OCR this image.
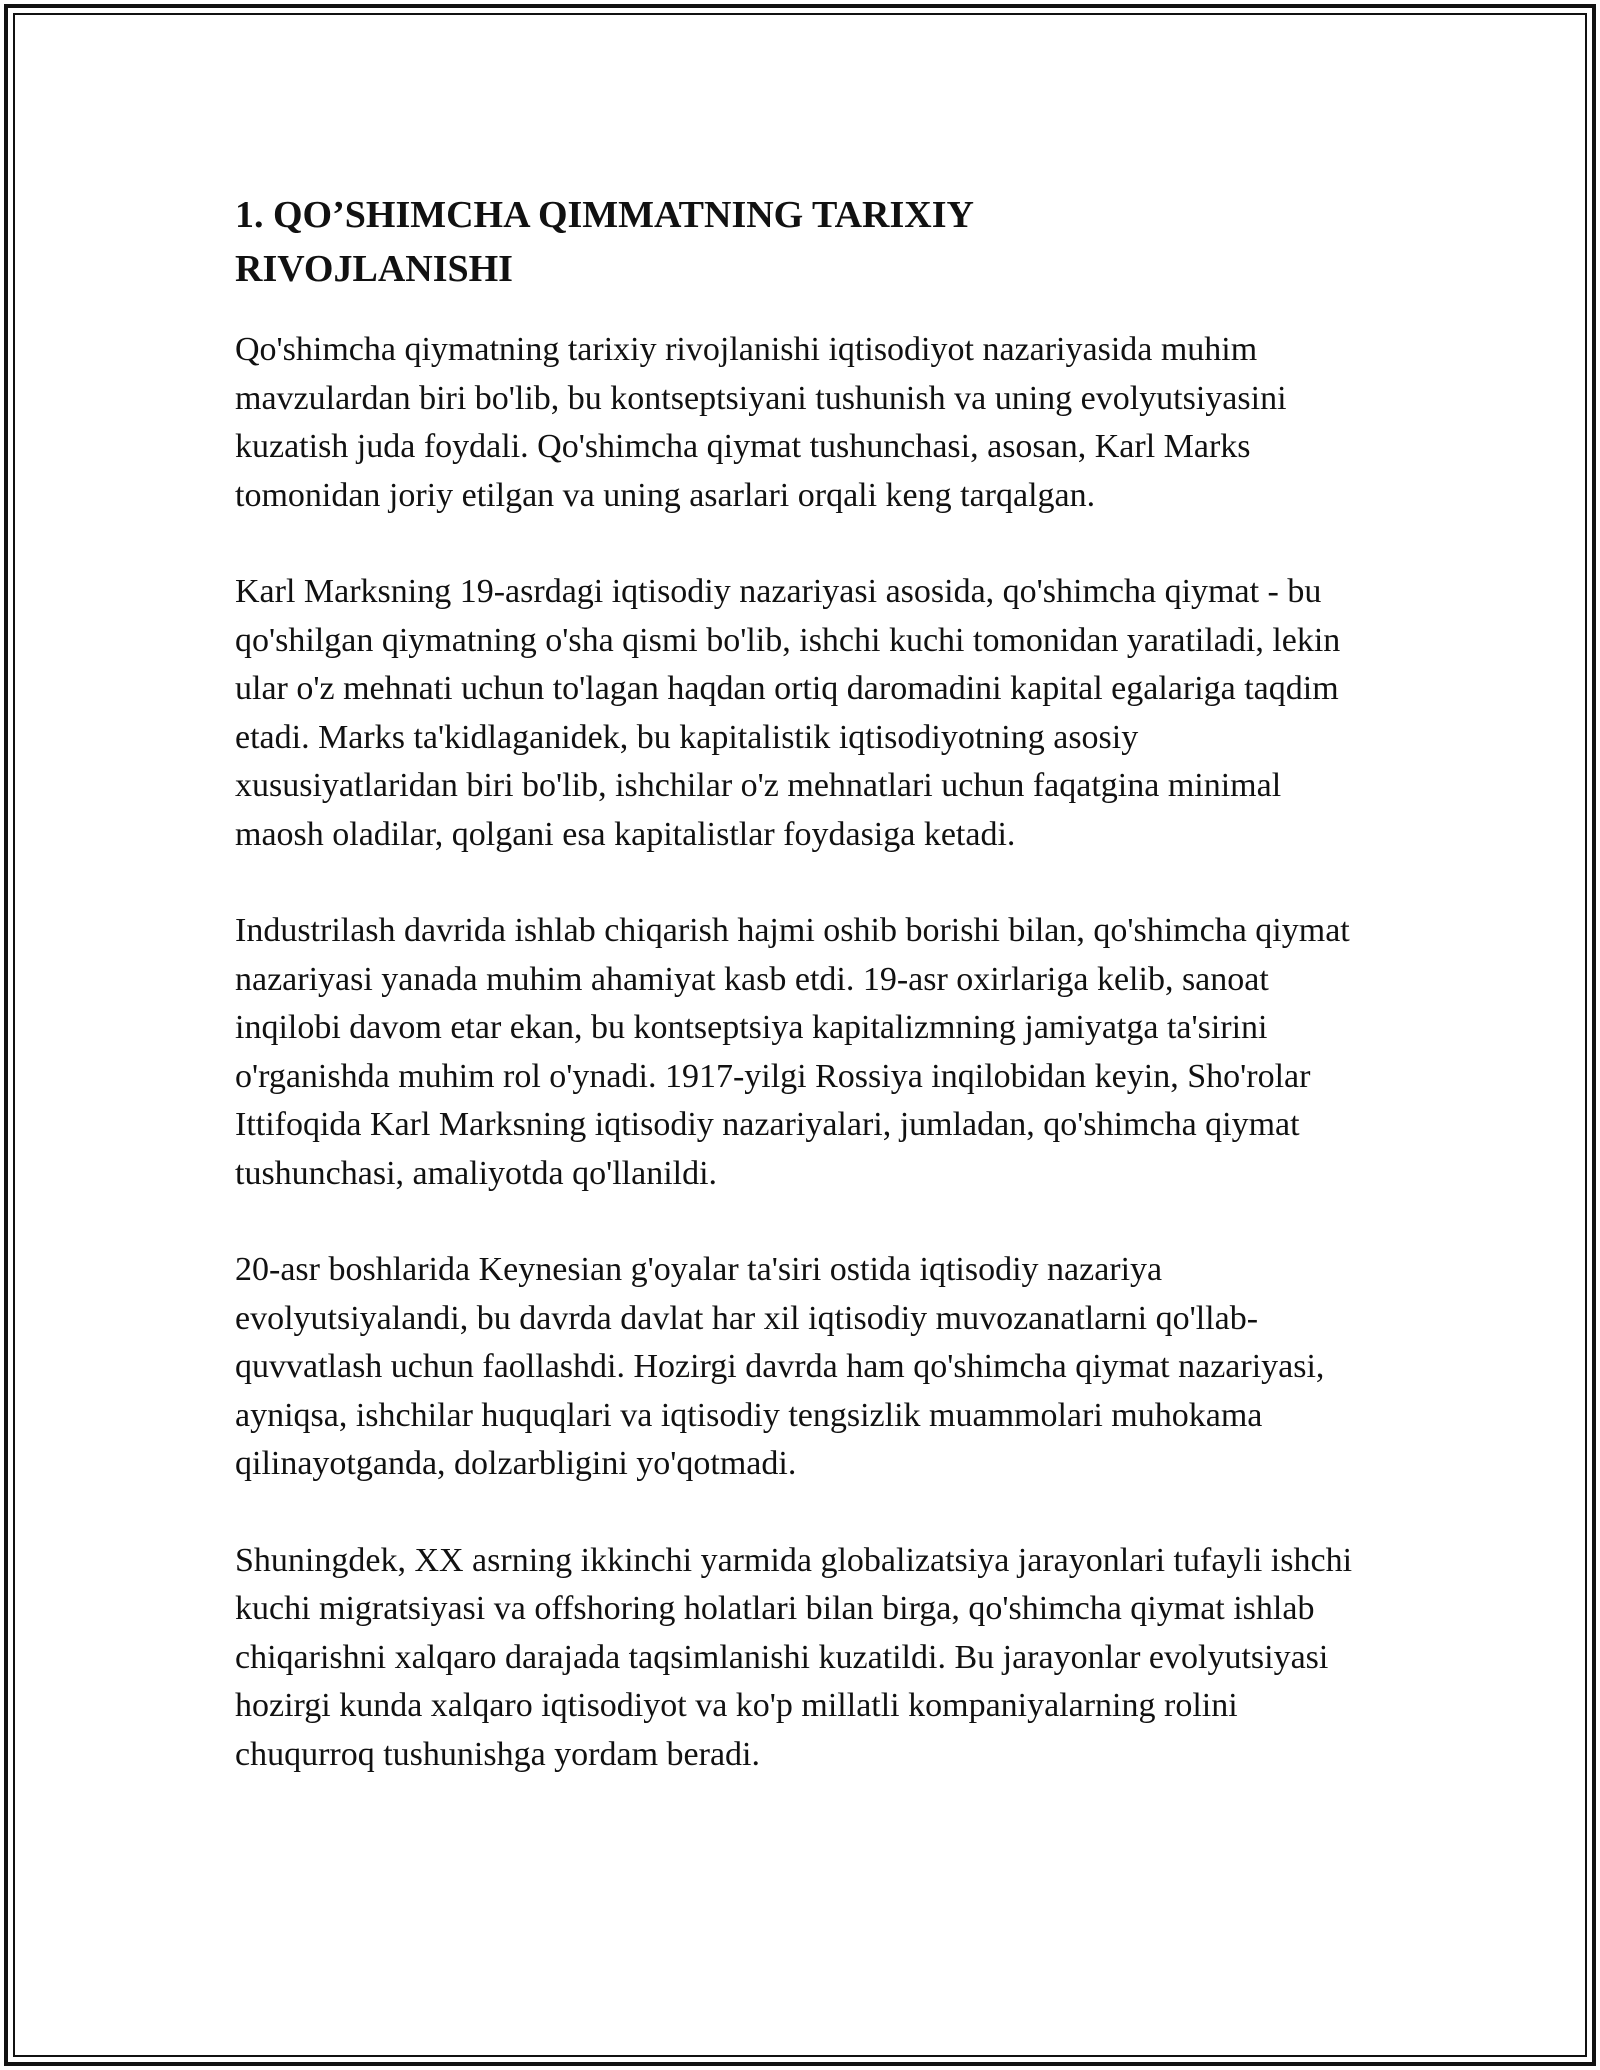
1. QO’SHIMCHA QIMMATNING TARIXIY
RIVOJLANISHI

Qo'shimcha qiymatning tarixiy rivojlanishi iqtisodiyot nazariyasida muhim mavzulardan biri bo'lib, bu kontseptsiyani tushunish va uning evolyutsiyasini kuzatish juda foydali. Qo'shimcha qiymat tushunchasi, asosan, Karl Marks tomonidan joriy etilgan va uning asarlari orqali keng tarqalgan.

Karl Marksning 19-asrdagi iqtisodiy nazariyasi asosida, qo'shimcha qiymat - bu qo'shilgan qiymatning o'sha qismi bo'lib, ishchi kuchi tomonidan yaratiladi, lekin ular o'z mehnati uchun to'lagan haqdan ortiq daromadini kapital egalariga taqdim etadi. Marks ta'kidlaganidek, bu kapitalistik iqtisodiyotning asosiy xususiyatlaridan biri bo'lib, ishchilar o'z mehnatlari uchun faqatgina minimal maosh oladilar, qolgani esa kapitalistlar foydasiga ketadi.

Industrilash davrida ishlab chiqarish hajmi oshib borishi bilan, qo'shimcha qiymat nazariyasi yanada muhim ahamiyat kasb etdi. 19-asr oxirlariga kelib, sanoat inqilobi davom etar ekan, bu kontseptsiya kapitalizmning jamiyatga ta'sirini o'rganishda muhim rol o'ynadi. 1917-yilgi Rossiya inqilobidan keyin, Sho'rolar Ittifoqida Karl Marksning iqtisodiy nazariyalari, jumladan, qo'shimcha qiymat tushunchasi, amaliyotda qo'llanildi.

20-asr boshlarida Keynesian g'oyalar ta'siri ostida iqtisodiy nazariya evolyutsiyalandi, bu davrda davlat har xil iqtisodiy muvozanatlarni qo'llab-quvvatlash uchun faollashdi. Hozirgi davrda ham qo'shimcha qiymat nazariyasi, ayniqsa, ishchilar huquqlari va iqtisodiy tengsizlik muammolari muhokama qilinayotganda, dolzarbligini yo'qotmadi.

Shuningdek, XX asrning ikkinchi yarmida globalizatsiya jarayonlari tufayli ishchi kuchi migratsiyasi va offshoring holatlari bilan birga, qo'shimcha qiymat ishlab chiqarishni xalqaro darajada taqsimlanishi kuzatildi. Bu jarayonlar evolyutsiyasi hozirgi kunda xalqaro iqtisodiyot va ko'p millatli kompaniyalarning rolini chuqurroq tushunishga yordam beradi.
